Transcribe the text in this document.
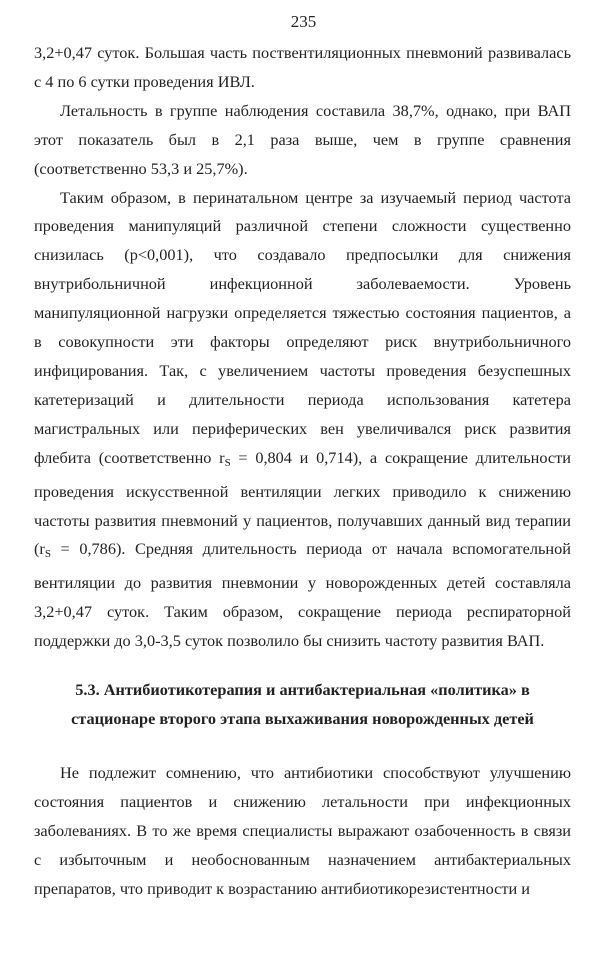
235

3,2+0,47 суток. Большая часть поствентиляционных пневмоний развивалась с 4 по 6 сутки проведения ИВЛ.

Летальность в группе наблюдения составила 38,7%, однако, при ВАП этот показатель был в 2,1 раза выше, чем в группе сравнения (соответственно 53,3 и 25,7%).

Таким образом, в перинатальном центре за изучаемый период частота проведения манипуляций различной степени сложности существенно снизилась (p<0,001), что создавало предпосылки для снижения внутрибольничной инфекционной заболеваемости. Уровень манипуляционной нагрузки определяется тяжестью состояния пациентов, а в совокупности эти факторы определяют риск внутрибольничного инфицирования. Так, с увеличением частоты проведения безуспешных катетеризаций и длительности периода использования катетера магистральных или периферических вен увеличивался риск развития флебита (соответственно $r_S = 0,804$ и 0,714), а сокращение длительности проведения искусственной вентиляции легких приводило к снижению частоты развития пневмоний у пациентов, получавших данный вид терапии $(r_S = 0,786)$. Средняя длительность периода от начала вспомогательной вентиляции до развития пневмонии у новорожденных детей составляла 3,2+0,47 суток. Таким образом, сокращение периода респираторной поддержки до 3,0-3,5 суток позволило бы снизить частоту развития ВАП.

5.3. Антибиотикотерапия и антибактериальная «политика» в
стационаре второго этапа выхаживания новорожденных детей

Не подлежит сомнению, что антибиотики способствуют улучшению состояния пациентов и снижению летальности при инфекционных заболеваниях. В то же время специалисты выражают озабоченность в связи с избыточным и необоснованным назначением антибактериальных препаратов, что приводит к возрастанию антибиотикорезистентности и
